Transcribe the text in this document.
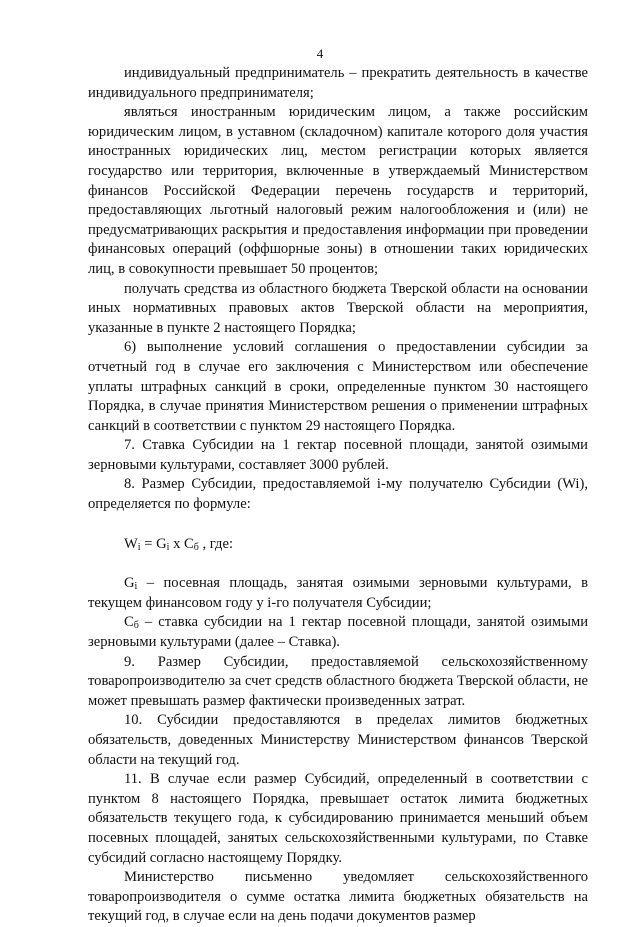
4

индивидуальный предприниматель – прекратить деятельность в качестве индивидуального предпринимателя;

являться иностранным юридическим лицом, а также российским юридическим лицом, в уставном (складочном) капитале которого доля участия иностранных юридических лиц, местом регистрации которых является государство или территория, включенные в утверждаемый Министерством финансов Российской Федерации перечень государств и территорий, предоставляющих льготный налоговый режим налогообложения и (или) не предусматривающих раскрытия и предоставления информации при проведении финансовых операций (оффшорные зоны) в отношении таких юридических лиц, в совокупности превышает 50 процентов;

получать средства из областного бюджета Тверской области на основании иных нормативных правовых актов Тверской области на мероприятия, указанные в пункте 2 настоящего Порядка;

6) выполнение условий соглашения о предоставлении субсидии за отчетный год в случае его заключения с Министерством или обеспечение уплаты штрафных санкций в сроки, определенные пунктом 30 настоящего Порядка, в случае принятия Министерством решения о применении штрафных санкций в соответствии с пунктом 29 настоящего Порядка.

7. Ставка Субсидии на 1 гектар посевной площади, занятой озимыми зерновыми культурами, составляет 3000 рублей.

8. Размер Субсидии, предоставляемой i-му получателю Субсидии (Wi), определяется по формуле:

$W_i = G_i$ х $C_б$ , где:

$G_i$ – посевная площадь, занятая озимыми зерновыми культурами, в текущем финансовом году у i-го получателя Субсидии;

$C_б$ – ставка субсидии на 1 гектар посевной площади, занятой озимыми зерновыми культурами (далее – Ставка).

9. Размер Субсидии, предоставляемой сельскохозяйственному товаропроизводителю за счет средств областного бюджета Тверской области, не может превышать размер фактически произведенных затрат.

10. Субсидии предоставляются в пределах лимитов бюджетных обязательств, доведенных Министерству Министерством финансов Тверской области на текущий год.

11. В случае если размер Субсидий, определенный в соответствии с пунктом 8 настоящего Порядка, превышает остаток лимита бюджетных обязательств текущего года, к субсидированию принимается меньший объем посевных площадей, занятых сельскохозяйственными культурами, по Ставке субсидий согласно настоящему Порядку.

Министерство письменно уведомляет сельскохозяйственного товаропроизводителя о сумме остатка лимита бюджетных обязательств на текущий год, в случае если на день подачи документов размер
